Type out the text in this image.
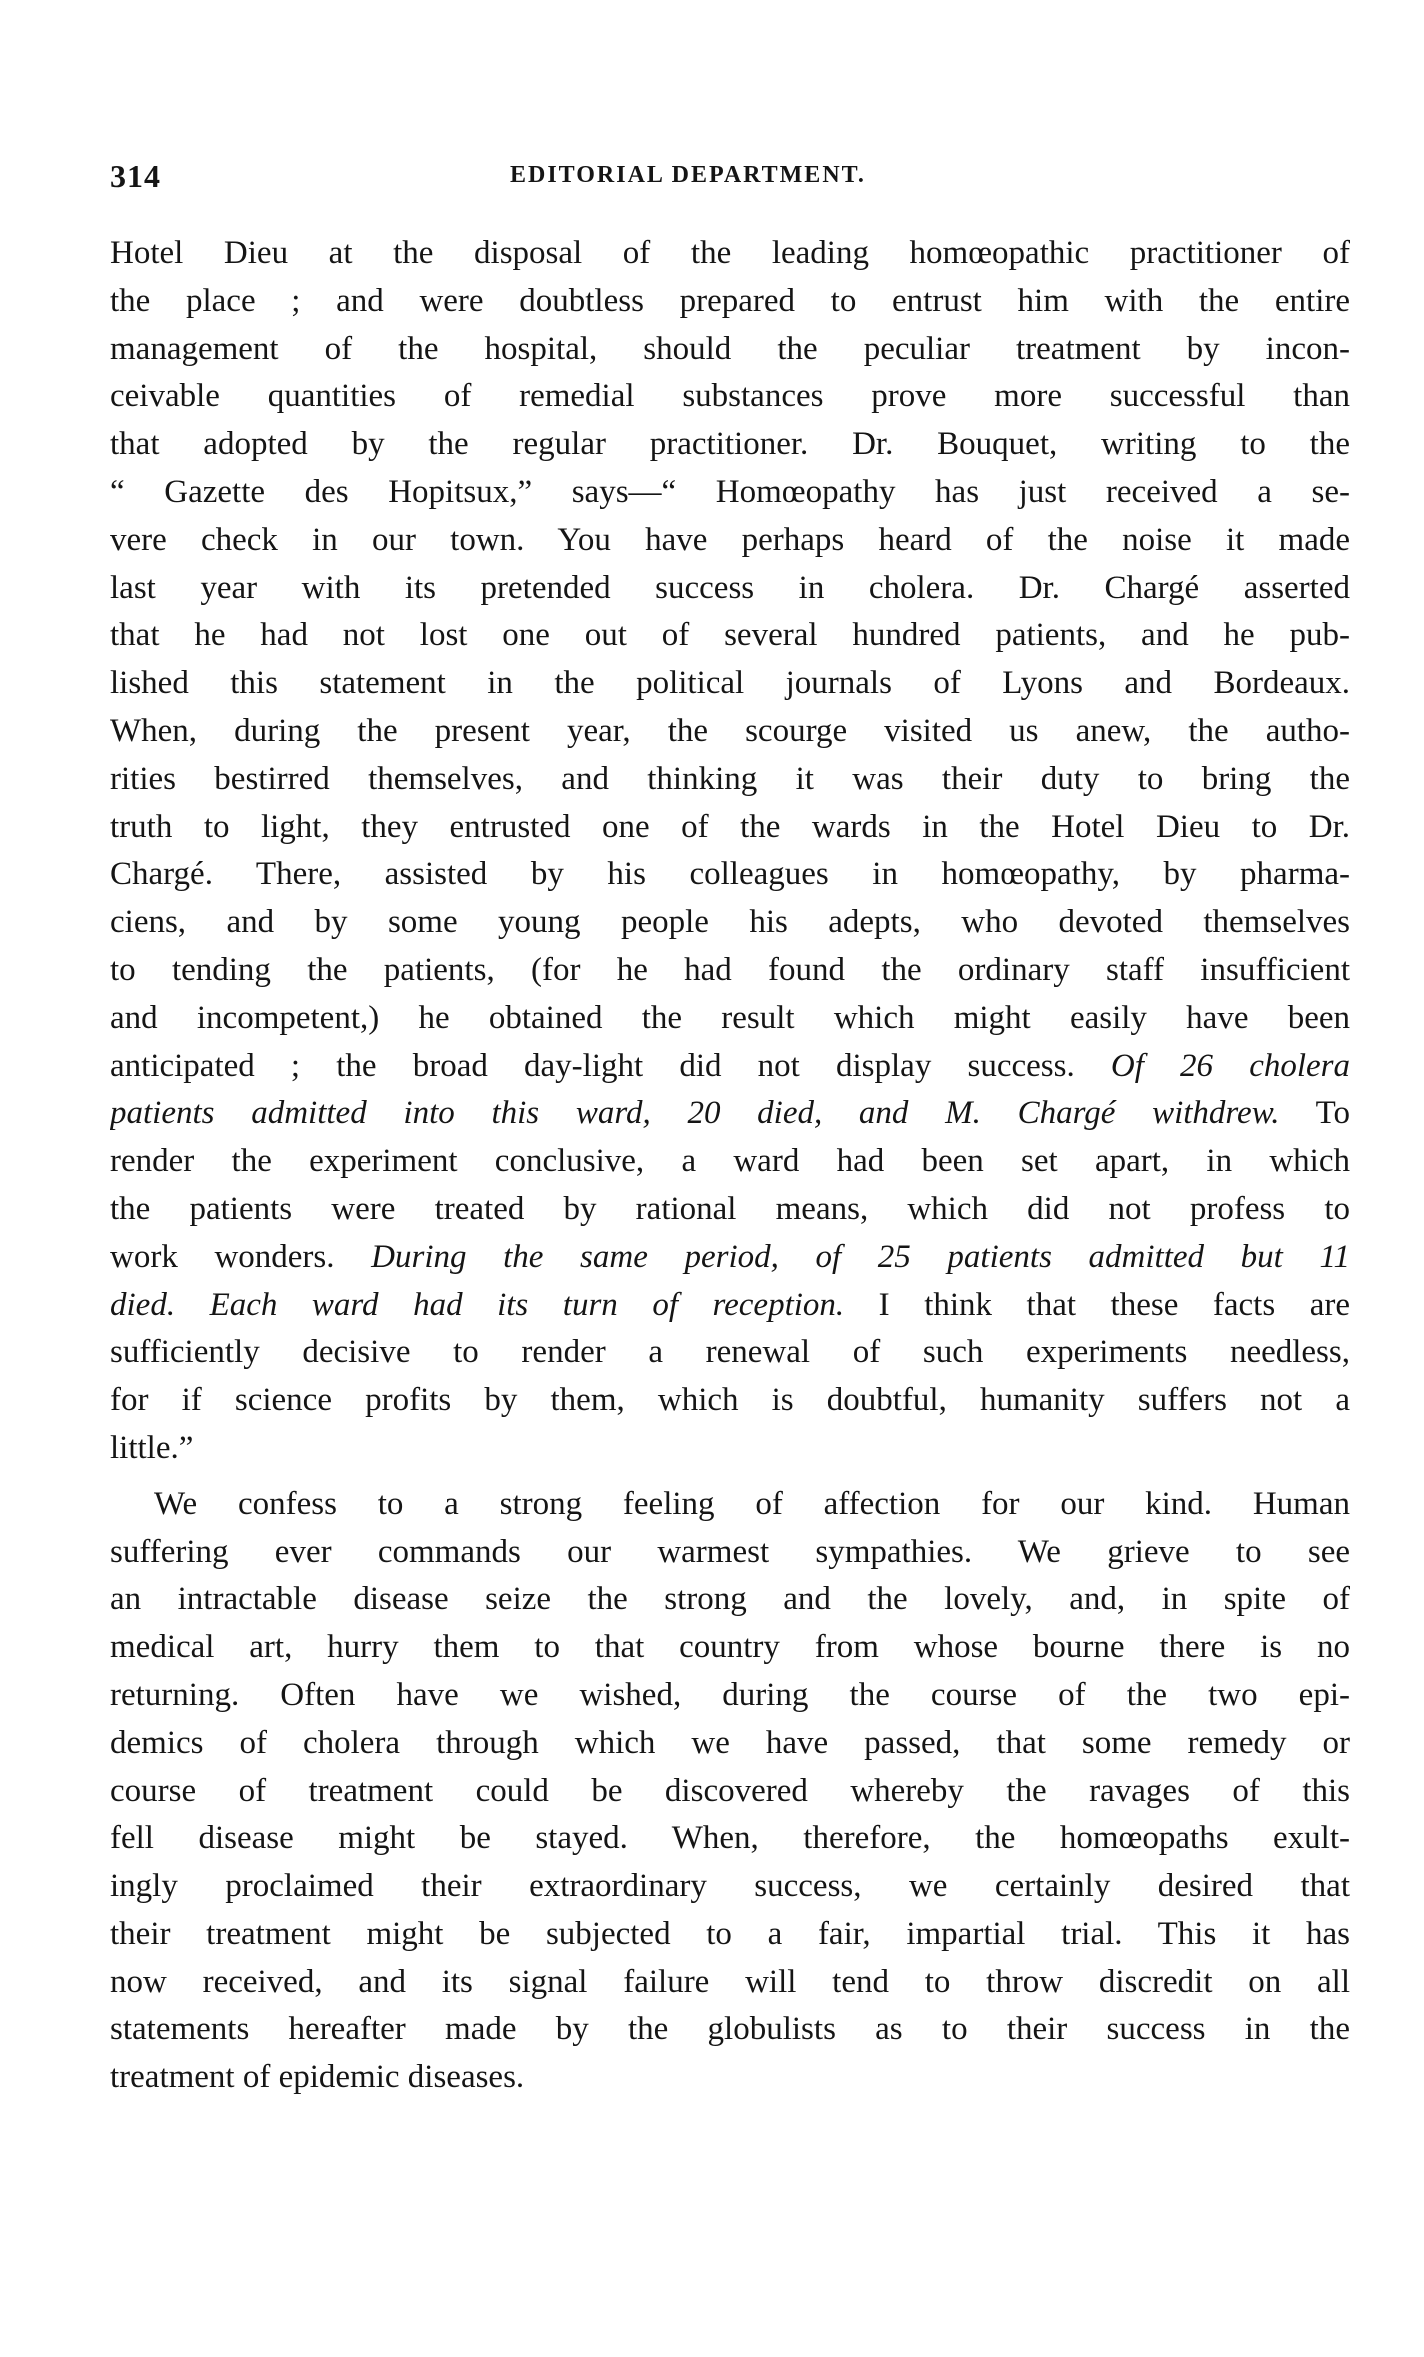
314	EDITORIAL DEPARTMENT.
Hotel Dieu at the disposal of the leading homœopathic practitioner of
the place ; and were doubtless prepared to entrust him with the entire
management of the hospital, should the peculiar treatment by incon-
ceivable quantities of remedial substances prove more successful than
that adopted by the regular practitioner. Dr. Bouquet, writing to the
“ Gazette des Hopitsux,” says—“ Homœopathy has just received a se-
vere check in our town. You have perhaps heard of the noise it made
last year with its pretended success in cholera. Dr. Chargé asserted
that he had not lost one out of several hundred patients, and he pub-
lished this statement in the political journals of Lyons and Bordeaux.
When, during the present year, the scourge visited us anew, the autho-
rities bestirred themselves, and thinking it was their duty to bring the
truth to light, they entrusted one of the wards in the Hotel Dieu to Dr.
Chargé. There, assisted by his colleagues in homœopathy, by pharma-
ciens, and by some young people his adepts, who devoted themselves
to tending the patients, (for he had found the ordinary staff insufficient
and incompetent,) he obtained the result which might easily have been
anticipated ; the broad day-light did not display success. Of 26 cholera
patients admitted into this ward, 20 died, and M. Chargé withdrew. To
render the experiment conclusive, a ward had been set apart, in which
the patients were treated by rational means, which did not profess to
work wonders. During the same period, of 25 patients admitted but 11
died. Each ward had its turn of reception. I think that these facts are
sufficiently decisive to render a renewal of such experiments needless,
for if science profits by them, which is doubtful, humanity suffers not a
little.”
We confess to a strong feeling of affection for our kind. Human
suffering ever commands our warmest sympathies. We grieve to see
an intractable disease seize the strong and the lovely, and, in spite of
medical art, hurry them to that country from whose bourne there is no
returning. Often have we wished, during the course of the two epi-
demics of cholera through which we have passed, that some remedy or
course of treatment could be discovered whereby the ravages of this
fell disease might be stayed. When, therefore, the homœopaths exult-
ingly proclaimed their extraordinary success, we certainly desired that
their treatment might be subjected to a fair, impartial trial. This it has
now received, and its signal failure will tend to throw discredit on all
statements hereafter made by the globulists as to their success in the
treatment of epidemic diseases.
